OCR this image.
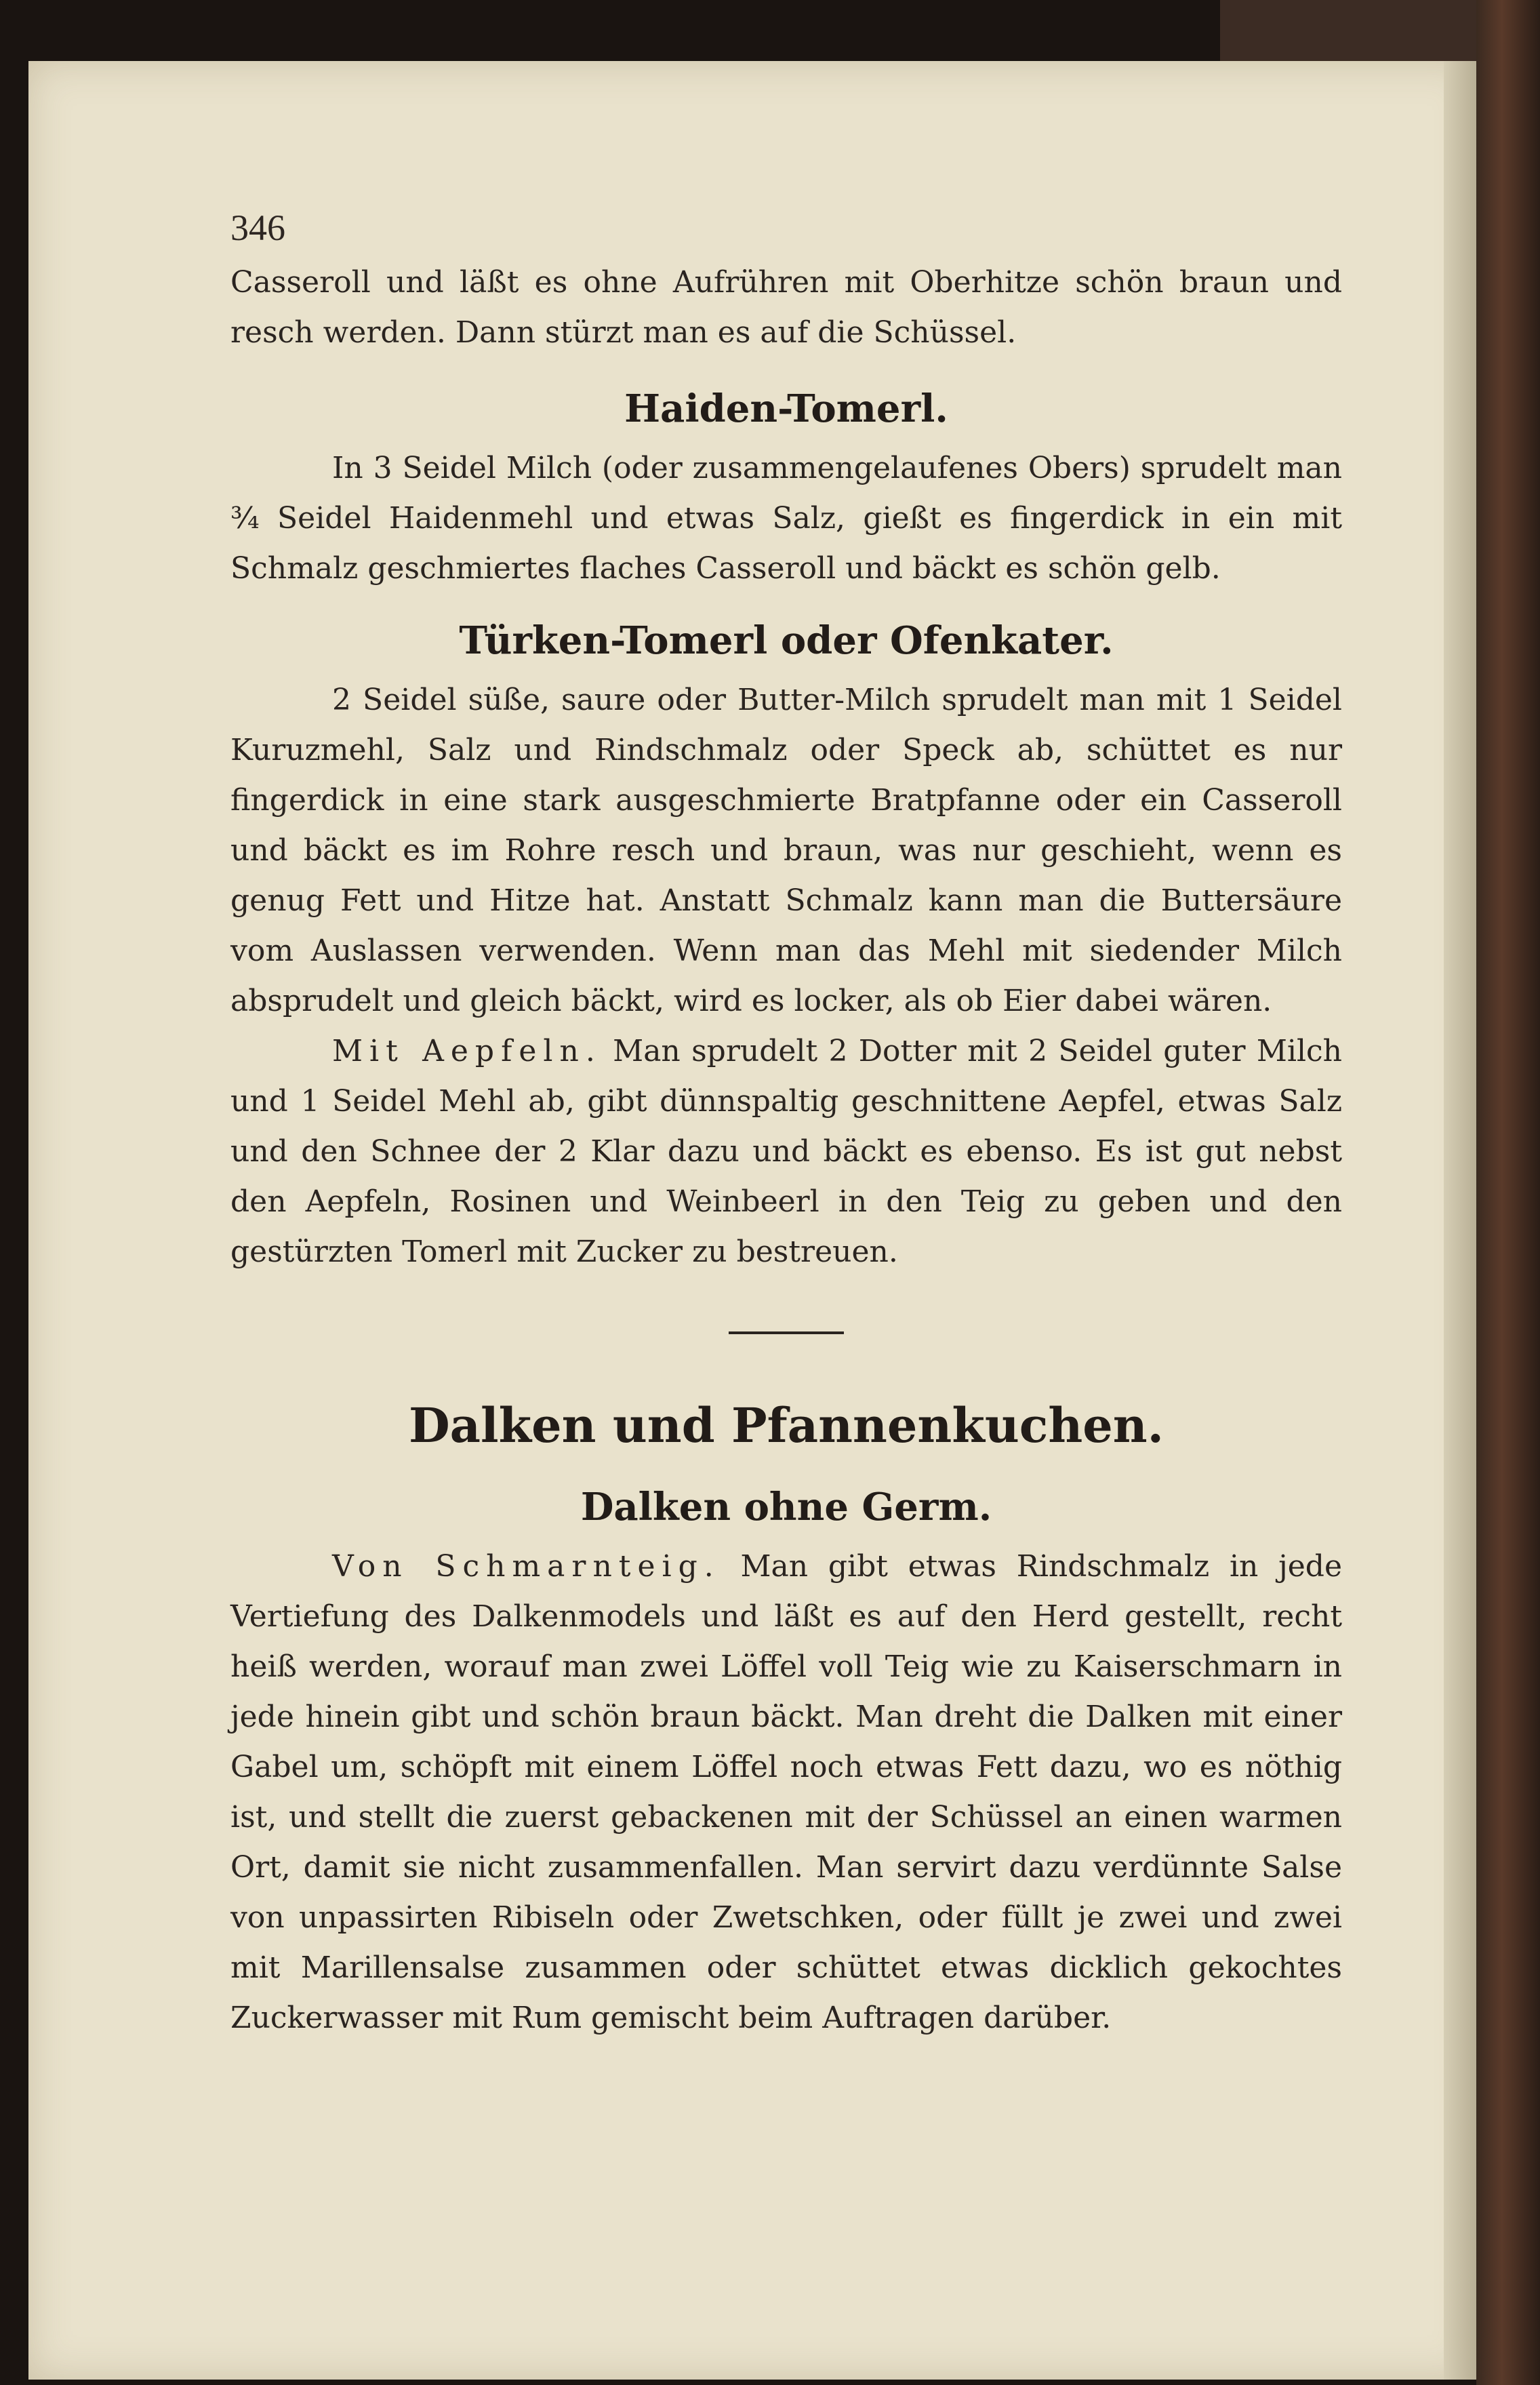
346

Casseroll und läßt es ohne Aufrühren mit Oberhitze schön braun und resch werden. Dann stürzt man es auf die Schüssel.

Haiden-Tomerl.

In 3 Seidel Milch (oder zusammengelaufenes Obers) sprudelt man ¾ Seidel Haidenmehl und etwas Salz, gießt es fingerdick in ein mit Schmalz geschmiertes flaches Casseroll und bäckt es schön gelb.

Türken-Tomerl oder Ofenkater.

2 Seidel süße, saure oder Butter-Milch sprudelt man mit 1 Seidel Kuruzmehl, Salz und Rindschmalz oder Speck ab, schüttet es nur fingerdick in eine stark ausgeschmierte Bratpfanne oder ein Casseroll und bäckt es im Rohre resch und braun, was nur geschieht, wenn es genug Fett und Hitze hat. Anstatt Schmalz kann man die Buttersäure vom Auslassen verwenden. Wenn man das Mehl mit siedender Milch absprudelt und gleich bäckt, wird es locker, als ob Eier dabei wären.

Mit Aepfeln. Man sprudelt 2 Dotter mit 2 Seidel guter Milch und 1 Seidel Mehl ab, gibt dünnspaltig geschnittene Aepfel, etwas Salz und den Schnee der 2 Klar dazu und bäckt es ebenso. Es ist gut nebst den Aepfeln, Rosinen und Weinbeerl in den Teig zu geben und den gestürzten Tomerl mit Zucker zu bestreuen.

Dalken und Pfannenkuchen.
Dalken ohne Germ.

Von Schmarnteig. Man gibt etwas Rindschmalz in jede Vertiefung des Dalkenmodels und läßt es auf den Herd gestellt, recht heiß werden, worauf man zwei Löffel voll Teig wie zu Kaiserschmarn in jede hinein gibt und schön braun bäckt. Man dreht die Dalken mit einer Gabel um, schöpft mit einem Löffel noch etwas Fett dazu, wo es nöthig ist, und stellt die zuerst gebackenen mit der Schüssel an einen warmen Ort, damit sie nicht zusammenfallen. Man servirt dazu verdünnte Salse von unpassirten Ribiseln oder Zwetschken, oder füllt je zwei und zwei mit Marillensalse zusammen oder schüttet etwas dicklich gekochtes Zuckerwasser mit Rum gemischt beim Auftragen darüber.
